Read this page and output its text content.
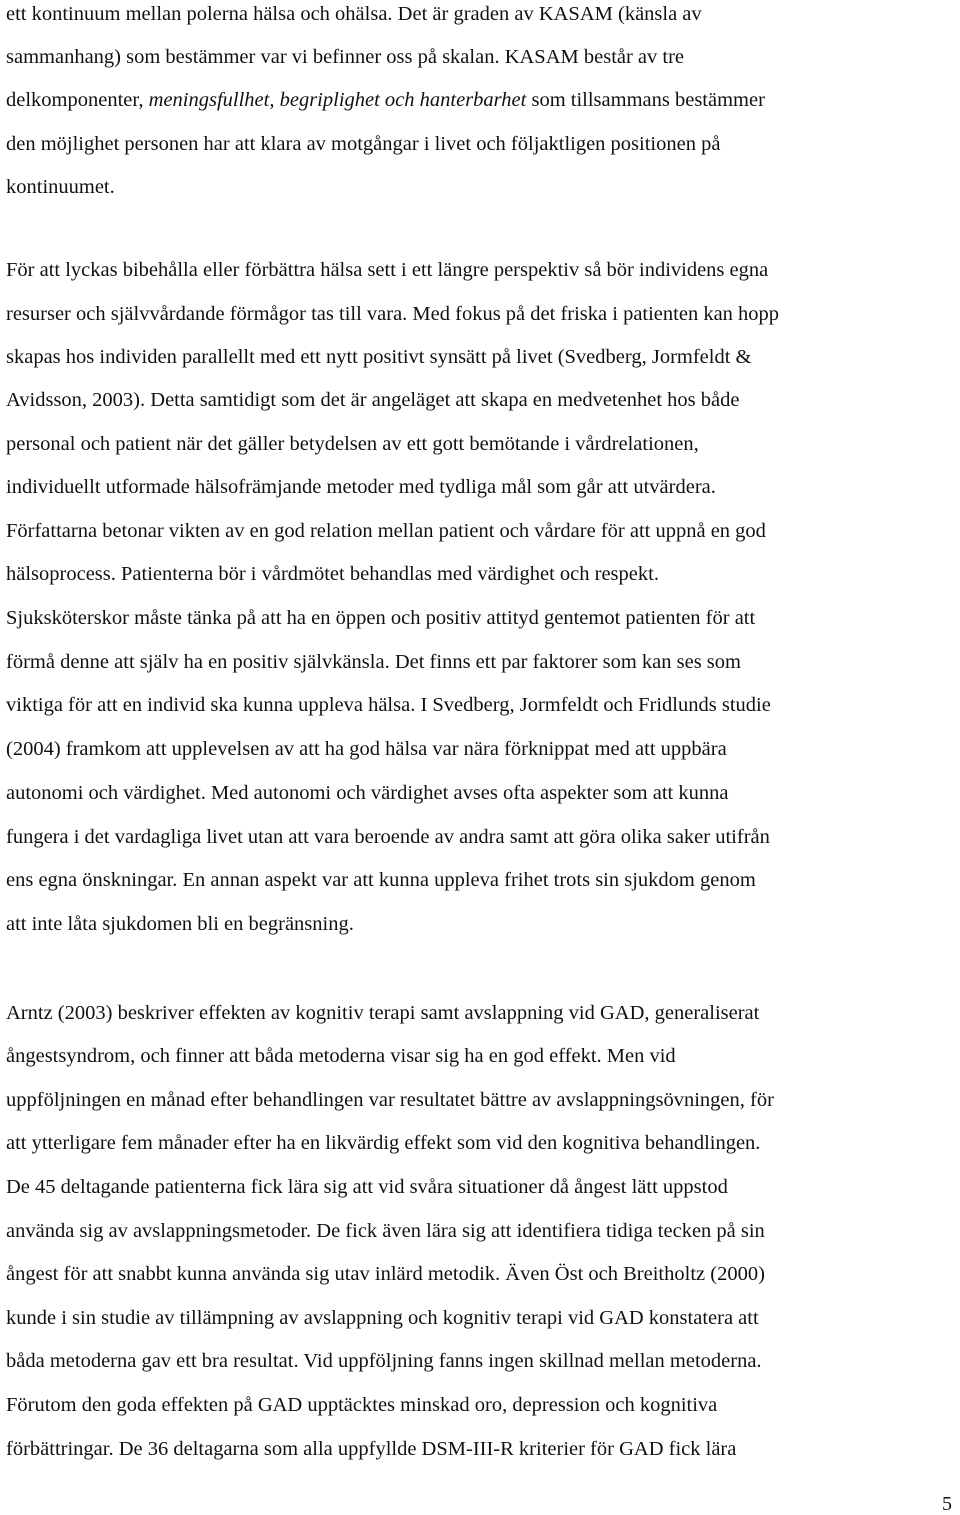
ett kontinuum mellan polerna hälsa och ohälsa. Det är graden av KASAM (känsla av

sammanhang) som bestämmer var vi befinner oss på skalan. KASAM består av tre

delkomponenter, meningsfullhet, begriplighet och hanterbarhet som tillsammans bestämmer

den möjlighet personen har att klara av motgångar i livet och följaktligen positionen på

kontinuumet.

För att lyckas bibehålla eller förbättra hälsa sett i ett längre perspektiv så bör individens egna

resurser och självvårdande förmågor tas till vara. Med fokus på det friska i patienten kan hopp

skapas hos individen parallellt med ett nytt positivt synsätt på livet (Svedberg, Jormfeldt &

Avidsson, 2003). Detta samtidigt som det är angeläget att skapa en medvetenhet hos både

personal och patient när det gäller betydelsen av ett gott bemötande i vårdrelationen,

individuellt utformade hälsofrämjande metoder med tydliga mål som går att utvärdera.

Författarna betonar vikten av en god relation mellan patient och vårdare för att uppnå en god

hälsoprocess. Patienterna bör i vårdmötet behandlas med värdighet och respekt.

Sjuksköterskor måste tänka på att ha en öppen och positiv attityd gentemot patienten för att

förmå denne att själv ha en positiv självkänsla. Det finns ett par faktorer som kan ses som

viktiga för att en individ ska kunna uppleva hälsa. I Svedberg, Jormfeldt och Fridlunds studie

(2004) framkom att upplevelsen av att ha god hälsa var nära förknippat med att uppbära

autonomi och värdighet. Med autonomi och värdighet avses ofta aspekter som att kunna

fungera i det vardagliga livet utan att vara beroende av andra samt att göra olika saker utifrån

ens egna önskningar. En annan aspekt var att kunna uppleva frihet trots sin sjukdom genom

att inte låta sjukdomen bli en begränsning.

Arntz (2003) beskriver effekten av kognitiv terapi samt avslappning vid GAD, generaliserat

ångestsyndrom, och finner att båda metoderna visar sig ha en god effekt. Men vid

uppföljningen en månad efter behandlingen var resultatet bättre av avslappningsövningen, för

att ytterligare fem månader efter ha en likvärdig effekt som vid den kognitiva behandlingen.

De 45 deltagande patienterna fick lära sig att vid svåra situationer då ångest lätt uppstod

använda sig av avslappningsmetoder. De fick även lära sig att identifiera tidiga tecken på sin

ångest för att snabbt kunna använda sig utav inlärd metodik. Även Öst och Breitholtz (2000)

kunde i sin studie av tillämpning av avslappning och kognitiv terapi vid GAD konstatera att

båda metoderna gav ett bra resultat. Vid uppföljning fanns ingen skillnad mellan metoderna.

Förutom den goda effekten på GAD upptäcktes minskad oro, depression och kognitiva

förbättringar. De 36 deltagarna som alla uppfyllde DSM-III-R kriterier för GAD fick lära

5
